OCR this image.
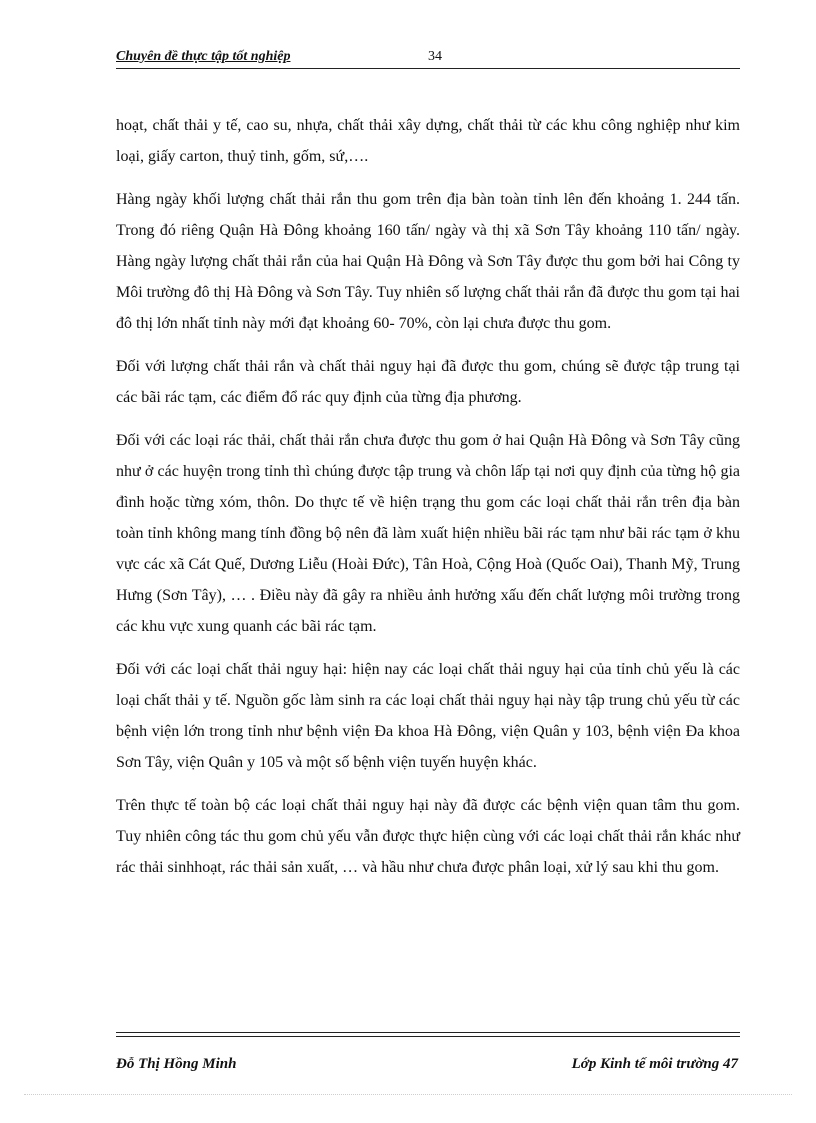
Chuyên đề thực tập tốt nghiệp	34

hoạt, chất thải y tế, cao su, nhựa, chất thải xây dựng, chất thải từ các khu công nghiệp như kim loại, giấy carton, thuỷ tinh, gốm, sứ,….

Hàng ngày khối lượng chất thải rắn thu gom trên địa bàn toàn tỉnh lên đến khoảng 1. 244 tấn. Trong đó riêng Quận Hà Đông khoảng 160 tấn/ ngày và thị xã Sơn Tây khoảng 110 tấn/ ngày. Hàng ngày lượng chất thải rắn của hai Quận Hà Đông và Sơn Tây được thu gom bởi hai Công ty Môi trường đô thị Hà Đông và Sơn Tây. Tuy nhiên số lượng chất thải rắn đã được thu gom tại hai đô thị lớn nhất tỉnh này mới đạt khoảng 60- 70%, còn lại chưa được thu gom.

Đối với lượng chất thải rắn và chất thải nguy hại đã được thu gom, chúng sẽ được tập trung tại các bãi rác tạm, các điểm đổ rác quy định của từng địa phương.

Đối với các loại rác thải, chất thải rắn chưa được thu gom ở hai Quận Hà Đông và Sơn Tây cũng như ở các huyện trong tỉnh thì chúng được tập trung và chôn lấp tại nơi quy định của từng hộ gia đình hoặc từng xóm, thôn. Do thực tế về hiện trạng thu gom các loại chất thải rắn trên địa bàn toàn tỉnh không mang tính đồng bộ nên đã làm xuất hiện nhiều bãi rác tạm như bãi rác tạm ở khu vực các xã Cát Quế, Dương Liễu (Hoài Đức), Tân Hoà, Cộng Hoà (Quốc Oai), Thanh Mỹ, Trung Hưng (Sơn Tây), … . Điều này đã gây ra nhiều ảnh hưởng xấu đến chất lượng môi trường trong các khu vực xung quanh các bãi rác tạm.

Đối với các loại chất thải nguy hại: hiện nay các loại chất thải nguy hại của tỉnh chủ yếu là các loại chất thải y tế. Nguồn gốc làm sinh ra các loại chất thải nguy hại này tập trung chủ yếu từ các bệnh viện lớn trong tỉnh như bệnh viện Đa khoa Hà Đông, viện Quân y 103, bệnh viện Đa khoa Sơn Tây, viện Quân y 105 và một số bệnh viện tuyến huyện khác.

Trên thực tế toàn bộ các loại chất thải nguy hại này đã được các bệnh viện quan tâm thu gom. Tuy nhiên công tác thu gom chủ yếu vẫn được thực hiện cùng với các loại chất thải rắn khác như rác thải sinhhoạt, rác thải sản xuất, … và hầu như chưa được phân loại, xử lý sau khi thu gom.

Đỗ Thị Hồng Minh	Lớp Kinh tế môi trường 47
